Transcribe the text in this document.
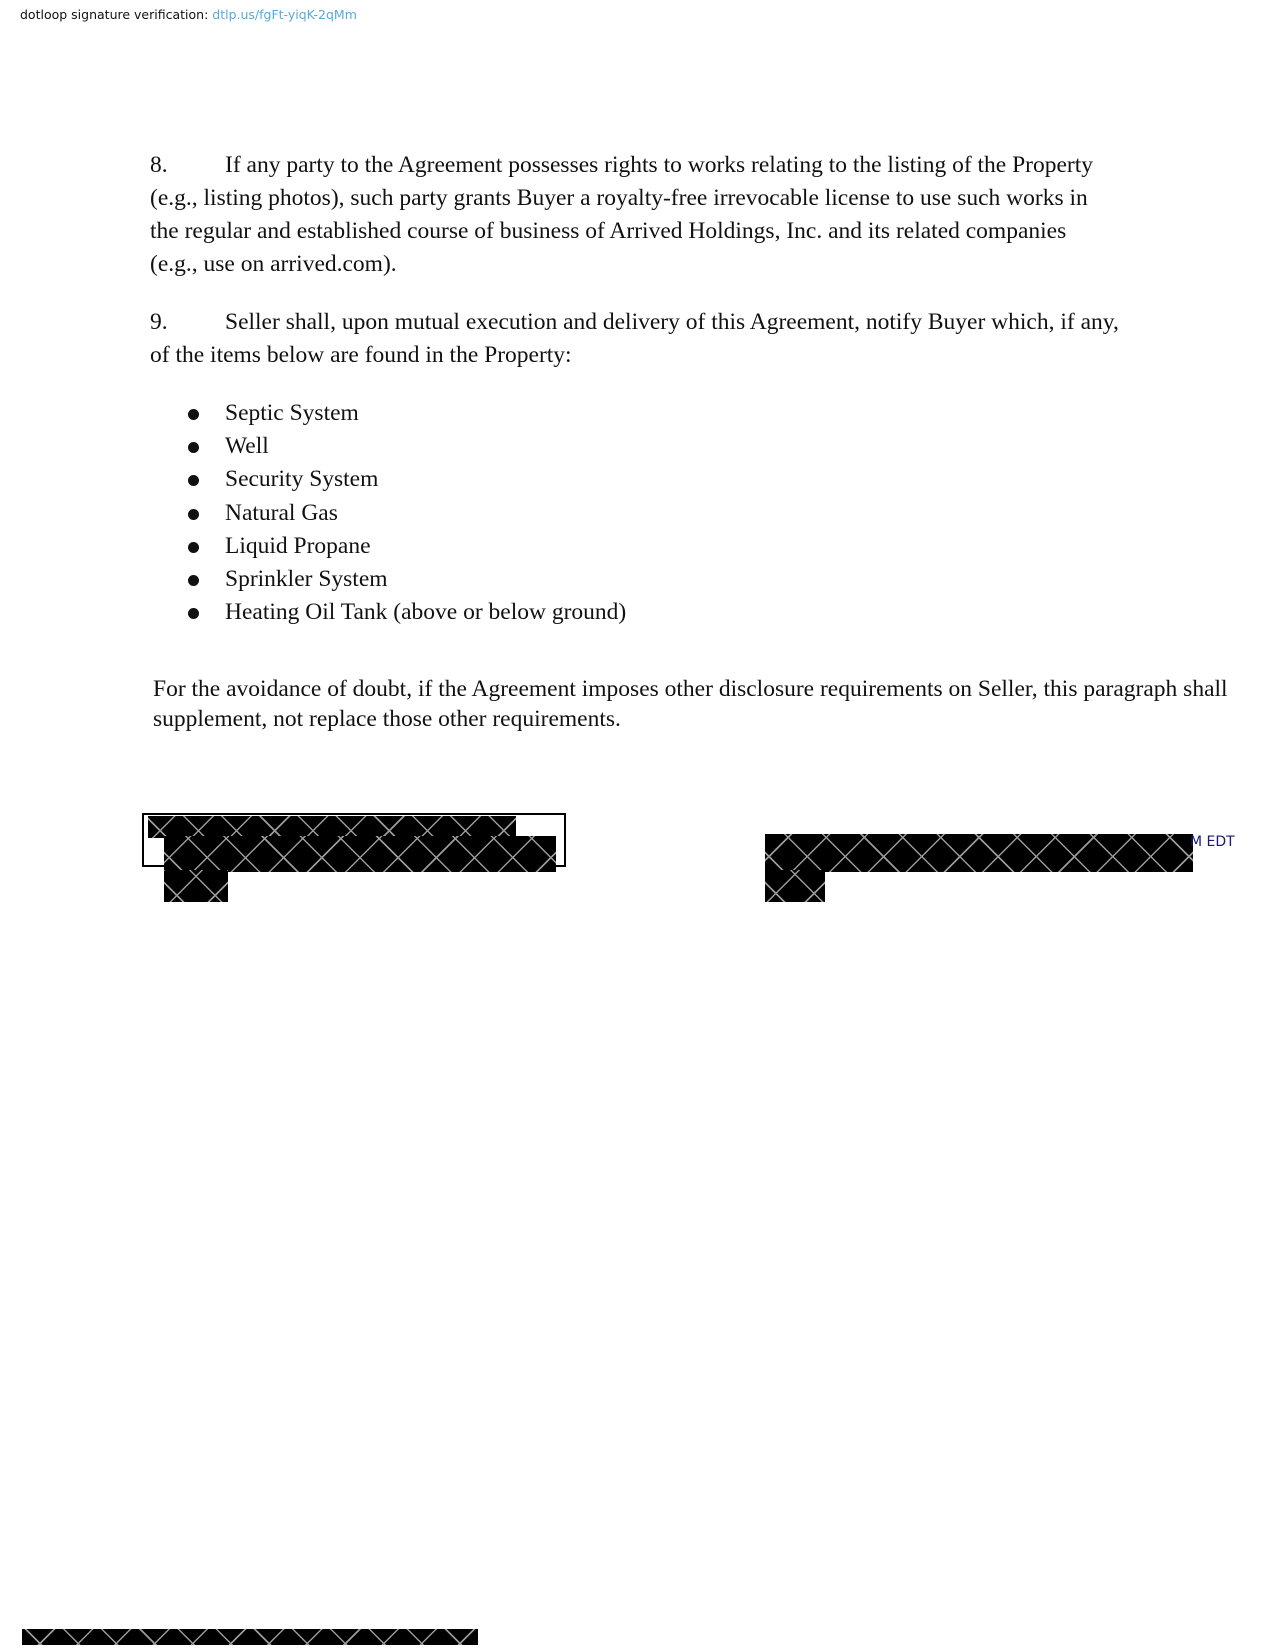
dotloop signature verification: dtlp.us/fgFt-yiqK-2qMm
8. If any party to the Agreement possesses rights to works relating to the listing of the Property (e.g., listing photos), such party grants Buyer a royalty-free irrevocable license to use such works in the regular and established course of business of Arrived Holdings, Inc. and its related companies (e.g., use on arrived.com).
9. Seller shall, upon mutual execution and delivery of this Agreement, notify Buyer which, if any, of the items below are found in the Property:
Septic System
Well
Security System
Natural Gas
Liquid Propane
Sprinkler System
Heating Oil Tank (above or below ground)
For the avoidance of doubt, if the Agreement imposes other disclosure requirements on Seller, this paragraph shall supplement, not replace those other requirements.
M EDT
